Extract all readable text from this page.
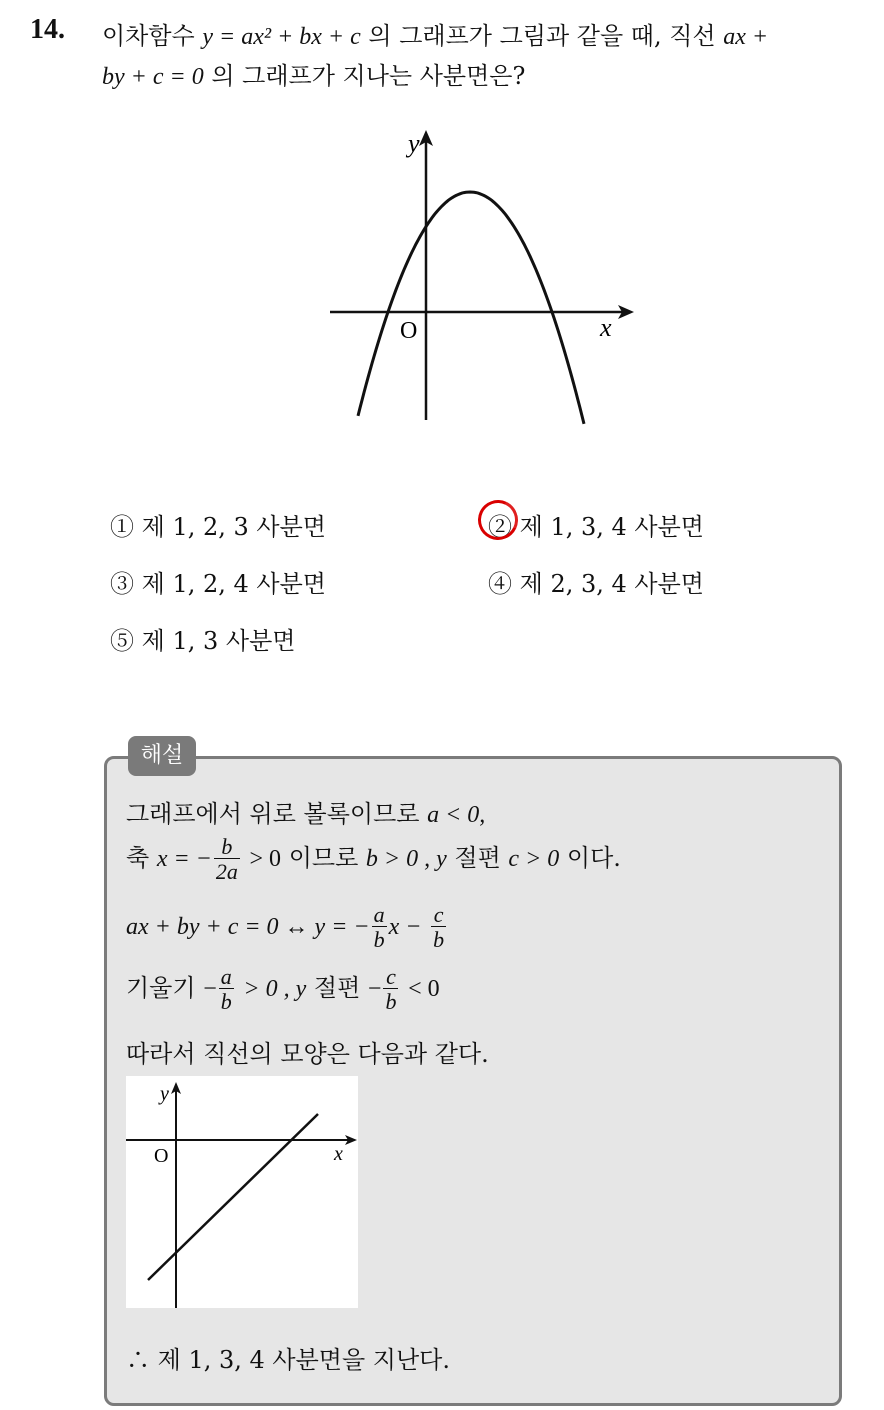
14. 이차함수 y = ax² + bx + c 의 그래프가 그림과 같을 때, 직선 ax +
by + c = 0 의 그래프가 지나는 사분면은?
y
x
O
① 제 1, 2, 3 사분면	② 제 1, 3, 4 사분면
③ 제 1, 2, 4 사분면	④ 제 2, 3, 4 사분면
⑤ 제 1, 3 사분면
해설
그래프에서 위로 볼록이므로 a < 0,
축 x = − $\frac{b}{2a} > 0$ 이므로 b > 0 , y 절편 c > 0 이다.
ax + by + c = 0 ↔ y = − $\frac{a}{b}$ $x - \frac{c}{b}$
기울기 − $\frac{a}{b} > 0$ , y 절편 − $\frac{c}{b} < 0$
따라서 직선의 모양은 다음과 같다.
y
x
O
∴ 제 1, 3, 4 사분면을 지난다.
